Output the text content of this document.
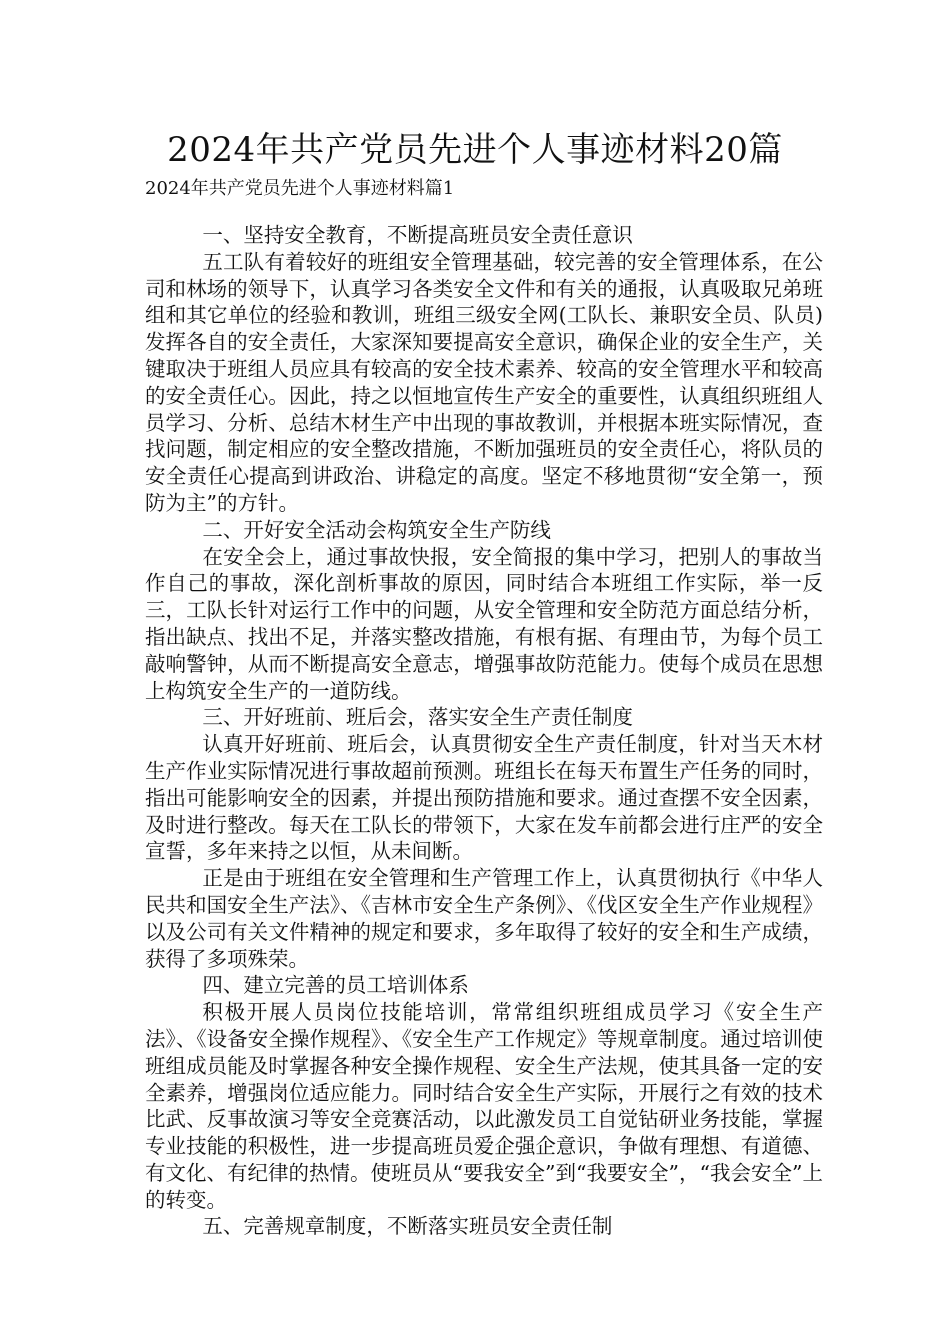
2024年共产党员先进个人事迹材料20篇
2024年共产党员先进个人事迹材料篇1

一、坚持安全教育，不断提高班员安全责任意识

五工队有着较好的班组安全管理基础，较完善的安全管理体系，在公司和林场的领导下，认真学习各类安全文件和有关的通报，认真吸取兄弟班组和其它单位的经验和教训，班组三级安全网(工队长、兼职安全员、队员)发挥各自的安全责任，大家深知要提高安全意识，确保企业的安全生产，关键取决于班组人员应具有较高的安全技术素养、较高的安全管理水平和较高的安全责任心。因此，持之以恒地宣传生产安全的重要性，认真组织班组人员学习、分析、总结木材生产中出现的事故教训，并根据本班实际情况，查找问题，制定相应的安全整改措施，不断加强班员的安全责任心，将队员的安全责任心提高到讲政治、讲稳定的高度。坚定不移地贯彻“安全第一，预防为主”的方针。

二、开好安全活动会构筑安全生产防线

在安全会上，通过事故快报，安全简报的集中学习，把别人的事故当作自己的事故，深化剖析事故的原因，同时结合本班组工作实际，举一反三，工队长针对运行工作中的问题，从安全管理和安全防范方面总结分析，指出缺点、找出不足，并落实整改措施，有根有据、有理由节，为每个员工敲响警钟，从而不断提高安全意志，增强事故防范能力。使每个成员在思想上构筑安全生产的一道防线。

三、开好班前、班后会，落实安全生产责任制度

认真开好班前、班后会，认真贯彻安全生产责任制度，针对当天木材生产作业实际情况进行事故超前预测。班组长在每天布置生产任务的同时，指出可能影响安全的因素，并提出预防措施和要求。通过查摆不安全因素，及时进行整改。每天在工队长的带领下，大家在发车前都会进行庄严的安全宣誓，多年来持之以恒，从未间断。

正是由于班组在安全管理和生产管理工作上，认真贯彻执行《中华人民共和国安全生产法》、《吉林市安全生产条例》、《伐区安全生产作业规程》以及公司有关文件精神的规定和要求，多年取得了较好的安全和生产成绩，获得了多项殊荣。

四、建立完善的员工培训体系

积极开展人员岗位技能培训，常常组织班组成员学习《安全生产法》、《设备安全操作规程》、《安全生产工作规定》等规章制度。通过培训使班组成员能及时掌握各种安全操作规程、安全生产法规，使其具备一定的安全素养，增强岗位适应能力。同时结合安全生产实际，开展行之有效的技术比武、反事故演习等安全竞赛活动，以此激发员工自觉钻研业务技能，掌握专业技能的积极性，进一步提高班员爱企强企意识，争做有理想、有道德、有文化、有纪律的热情。使班员从“要我安全”到“我要安全”，“我会安全”上的转变。

五、完善规章制度，不断落实班员安全责任制
